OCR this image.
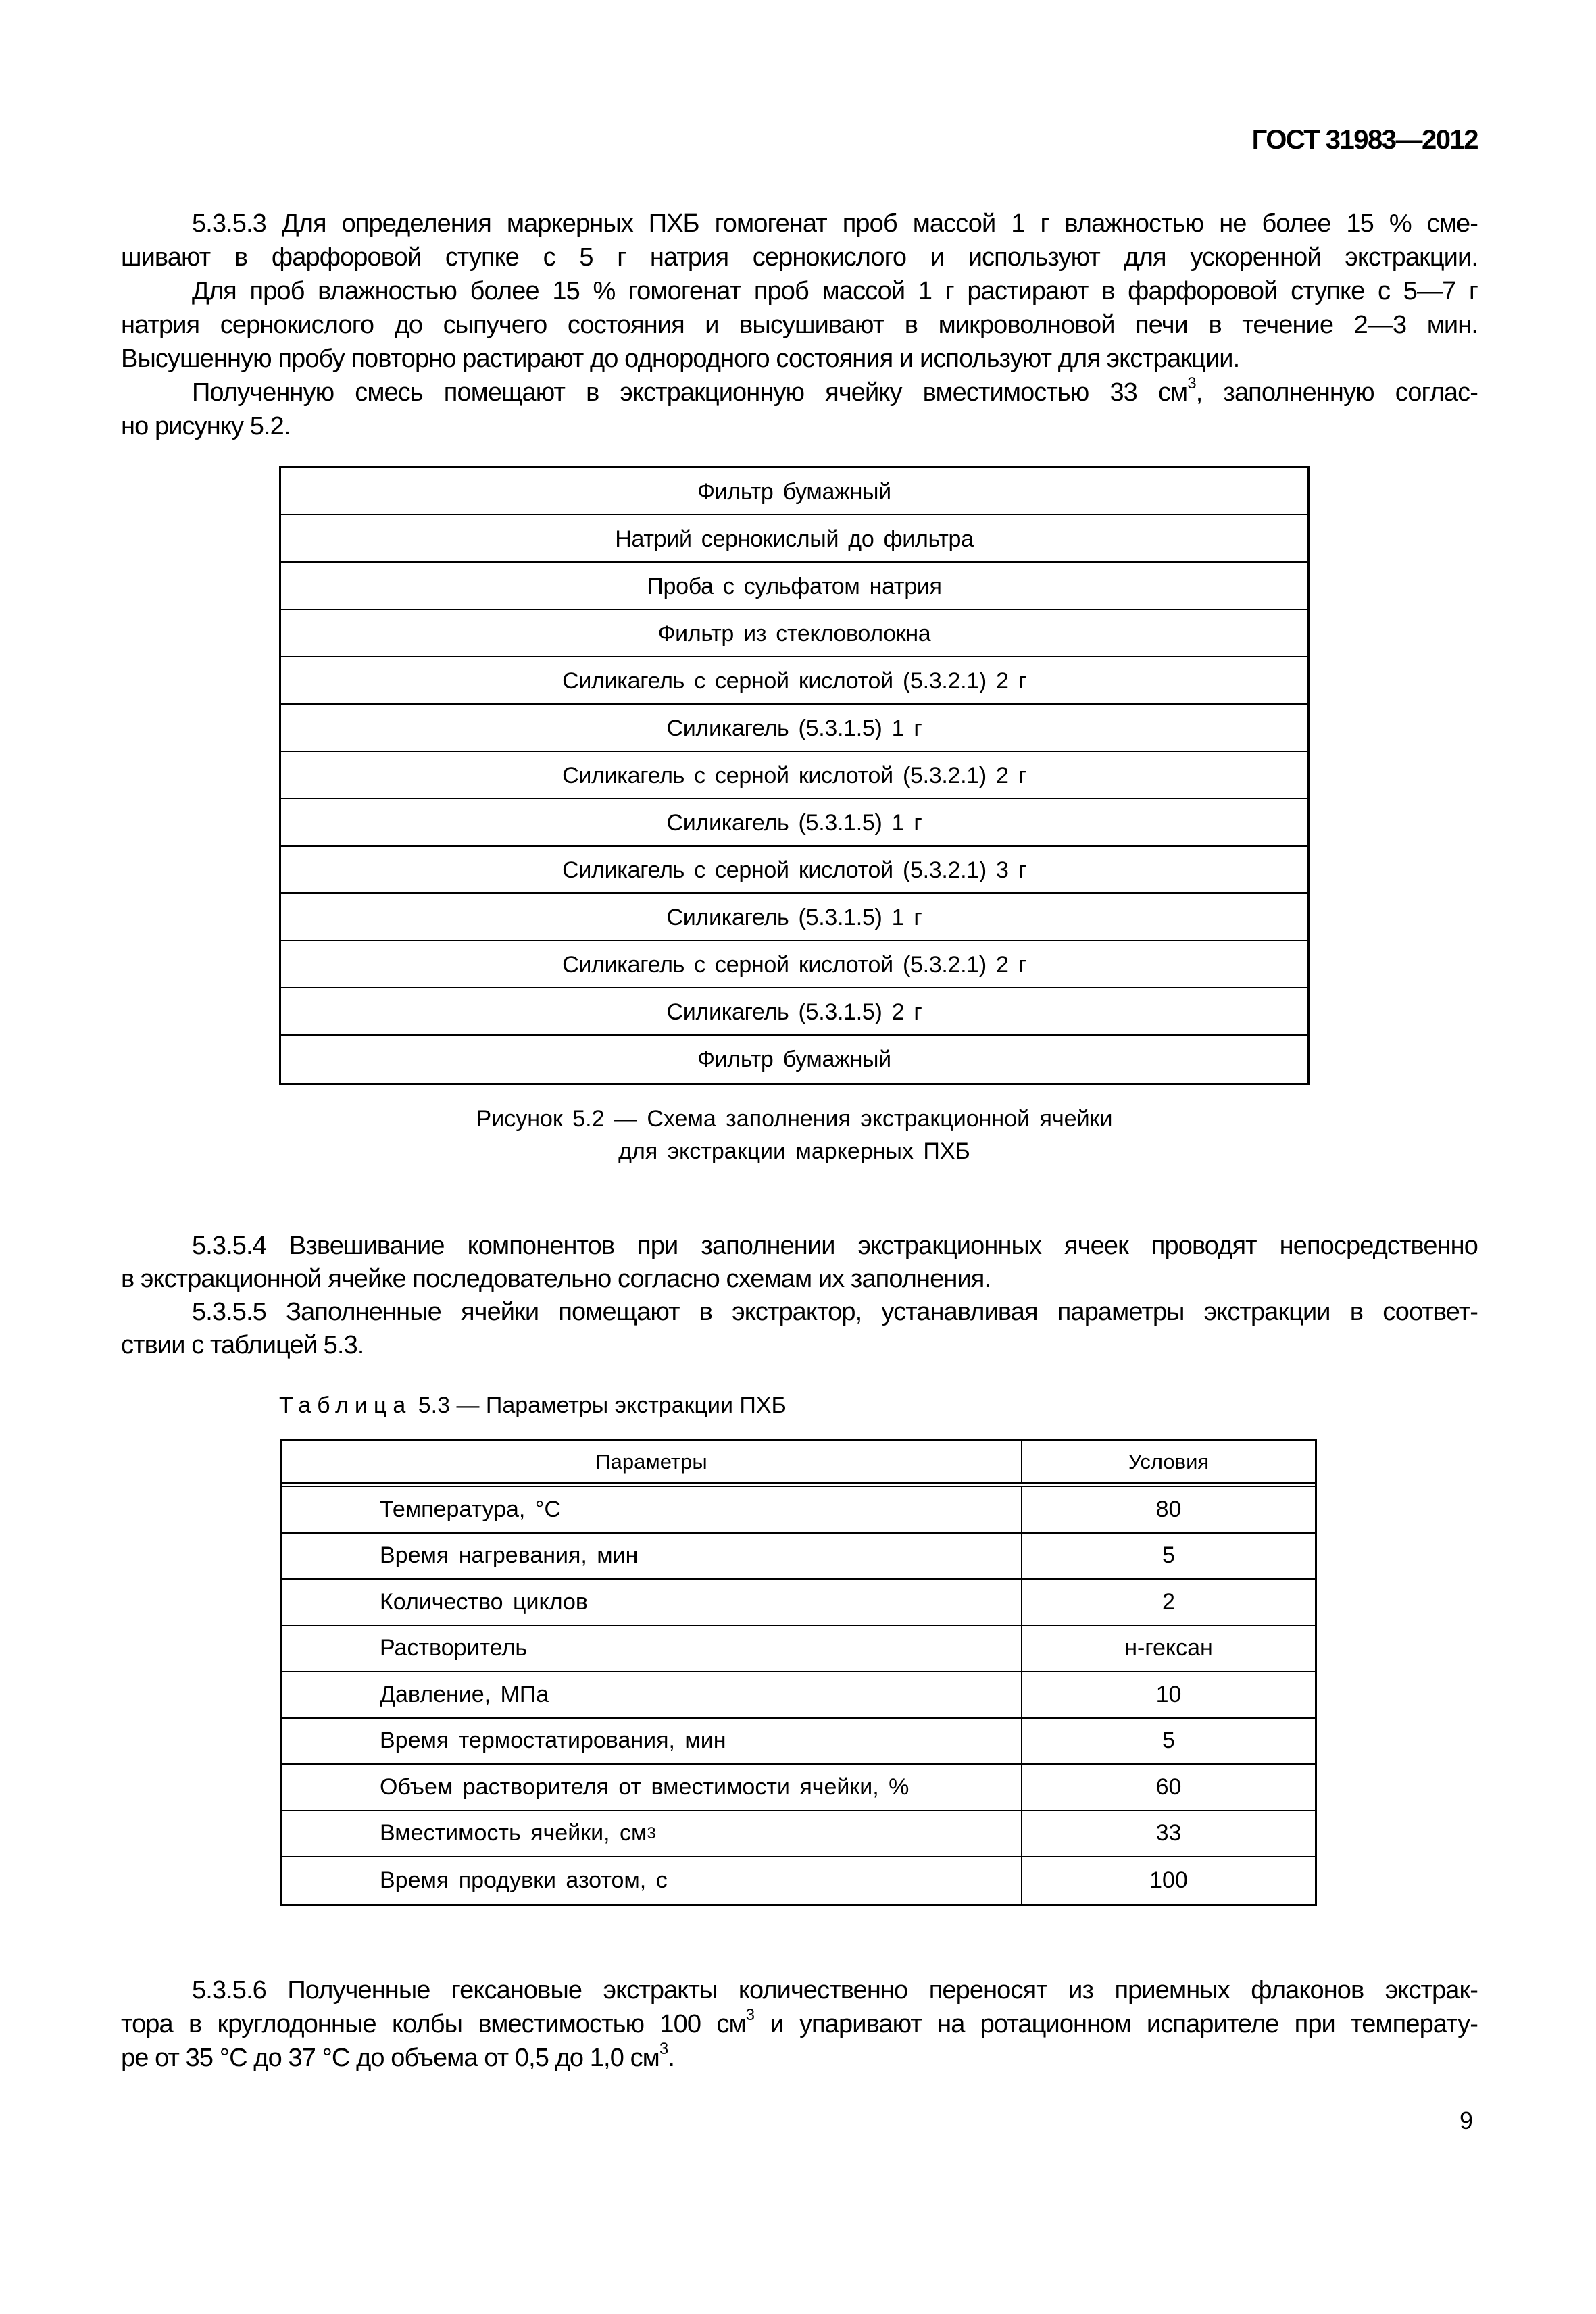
ГОСТ 31983—2012
5.3.5.3 Для определения маркерных ПХБ гомогенат проб массой 1 г влажностью не более 15 % сме-
шивают в фарфоровой ступке с 5 г натрия сернокислого и используют для ускоренной экстракции.
Для проб влажностью более 15 % гомогенат проб массой 1 г растирают в фарфоровой ступке с 5—7 г
натрия сернокислого до сыпучего состояния и высушивают в микроволновой печи в течение 2—3 мин.
Высушенную пробу повторно растирают до однородного состояния и используют для экстракции.
Полученную смесь помещают в экстракционную ячейку вместимостью 33 $см^3$, заполненную соглас-
но рисунку 5.2.
Фильтр бумажный
Натрий сернокислый до фильтра
Проба с сульфатом натрия
Фильтр из стекловолокна
Силикагель с серной кислотой (5.3.2.1) 2 г
Силикагель (5.3.1.5) 1 г
Силикагель с серной кислотой (5.3.2.1) 2 г
Силикагель (5.3.1.5) 1 г
Силикагель с серной кислотой (5.3.2.1) 3 г
Силикагель (5.3.1.5) 1 г
Силикагель с серной кислотой (5.3.2.1) 2 г
Силикагель (5.3.1.5) 2 г
Фильтр бумажный
Рисунок 5.2 — Схема заполнения экстракционной ячейки
для экстракции маркерных ПХБ
5.3.5.4 Взвешивание компонентов при заполнении экстракционных ячеек проводят непосредственно
в экстракционной ячейке последовательно согласно схемам их заполнения.
5.3.5.5 Заполненные ячейки помещают в экстрактор, устанавливая параметры экстракции в соответ-
ствии с таблицей 5.3.
Таблица 5.3 — Параметры экстракции ПХБ
Параметры	Условия
Температура, °С	80
Время нагревания, мин	5
Количество циклов	2
Растворитель	н-гексан
Давление, МПа	10
Время термостатирования, мин	5
Объем растворителя от вместимости ячейки, %	60
Вместимость ячейки, см 3	33
Время продувки азотом, с	100
5.3.5.6 Полученные гексановые экстракты количественно переносят из приемных флаконов экстрак-
тора в круглодонные колбы вместимостью 100 $см^3$ и упаривают на ротационном испарителе при температу-
ре от 35 °С до 37 °С до объема от 0,5 до 1,0 $см^3$.
9
